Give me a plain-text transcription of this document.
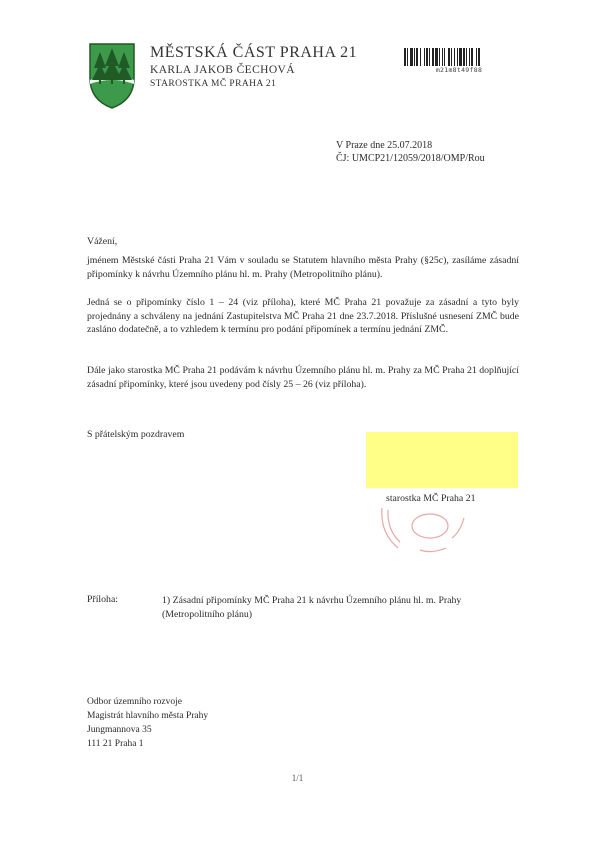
MĚSTSKÁ ČÁST PRAHA 21
KARLA JAKOB ČECHOVÁ
STAROSTKA MČ PRAHA 21
m21m8t49f88
V Praze dne 25.07.2018
ČJ: UMCP21/12059/2018/OMP/Rou
Vážení,
jménem Městské části Praha 21 Vám v souladu se Statutem hlavního města Prahy (§25c), zasíláme zásadní připomínky k návrhu Územního plánu hl. m. Prahy (Metropolitního plánu).
Jedná se o připomínky číslo 1 – 24 (viz příloha), které MČ Praha 21 považuje za zásadní a tyto byly projednány a schváleny na jednání Zastupitelstva MČ Praha 21 dne 23.7.2018. Příslušné usnesení ZMČ bude zasláno dodatečně, a to vzhledem k termínu pro podání připomínek a termínu jednání ZMČ.
Dále jako starostka MČ Praha 21 podávám k návrhu Územního plánu hl. m. Prahy za MČ Praha 21 doplňující zásadní připomínky, které jsou uvedeny pod čísly 25 – 26 (viz příloha).
S přátelským pozdravem
starostka MČ Praha 21
Příloha:	1) Zásadní připomínky MČ Praha 21 k návrhu Územního plánu hl. m. Prahy (Metropolitního plánu)
Odbor územního rozvoje
Magistrát hlavního města Prahy
Jungmannova 35
111 21 Praha 1
1/1
